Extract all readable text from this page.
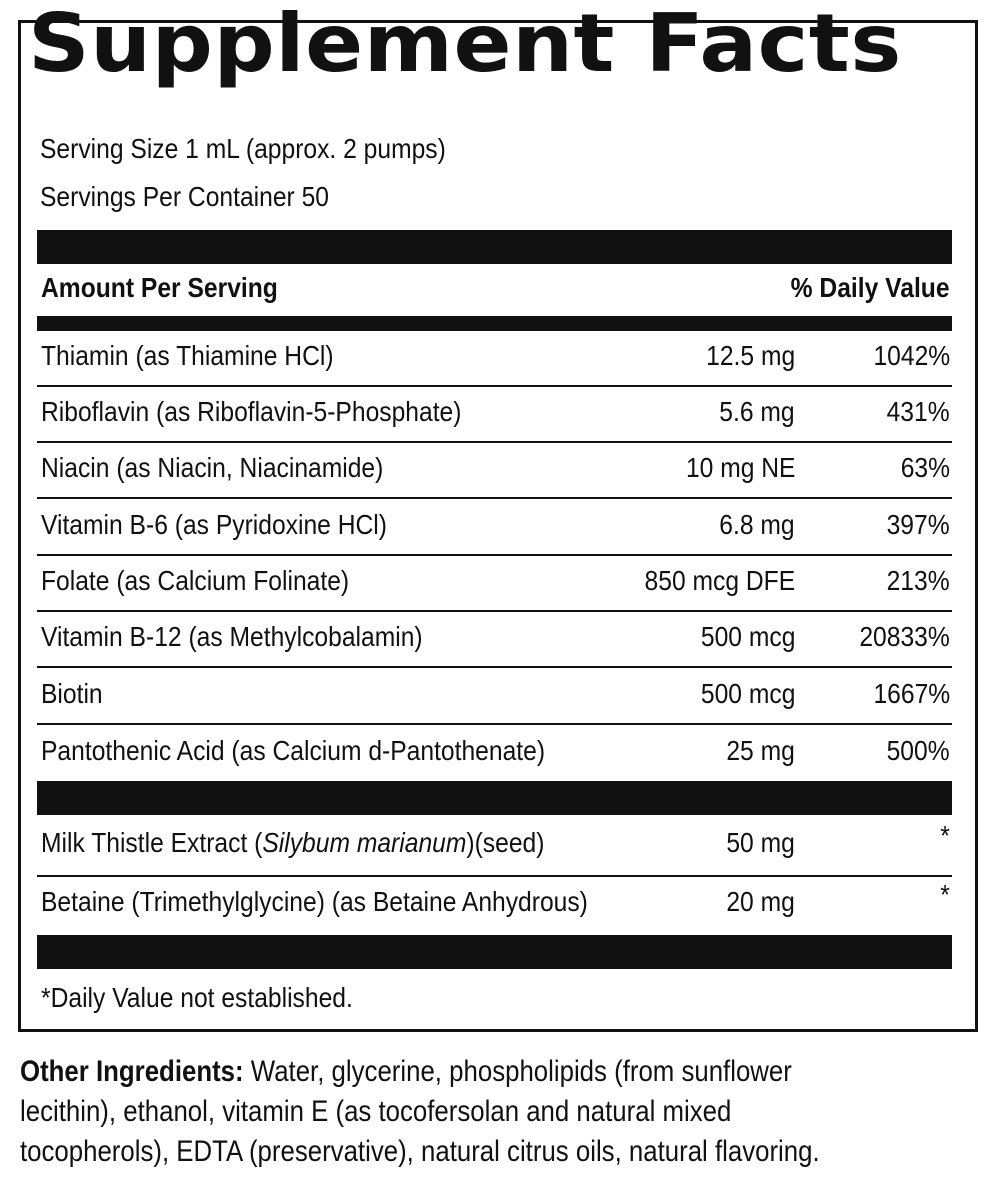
Supplement Facts
Serving Size 1 mL (approx. 2 pumps)
Servings Per Container 50
Amount Per Serving	% Daily Value
Thiamin (as Thiamine HCl)	12.5 mg	1042%
Riboflavin (as Riboflavin-5-Phosphate)	5.6 mg	431%
Niacin (as Niacin, Niacinamide)	10 mg NE	63%
Vitamin B-6 (as Pyridoxine HCl)	6.8 mg	397%
Folate (as Calcium Folinate)	850 mcg DFE	213%
Vitamin B-12 (as Methylcobalamin)	500 mcg 20833%
Biotin	500 mcg	1667%
Pantothenic Acid (as Calcium d-Pantothenate)	25 mg	500%
Milk Thistle Extract (Silybum marianum)(seed)	50 mg	*
Betaine (Trimethylglycine) (as Betaine Anhydrous)	20 mg	*
*Daily Value not established.
Other Ingredients: Water, glycerine, phospholipids (from sunflower
lecithin), ethanol, vitamin E (as tocofersolan and natural mixed
tocopherols), EDTA (preservative), natural citrus oils, natural flavoring.
